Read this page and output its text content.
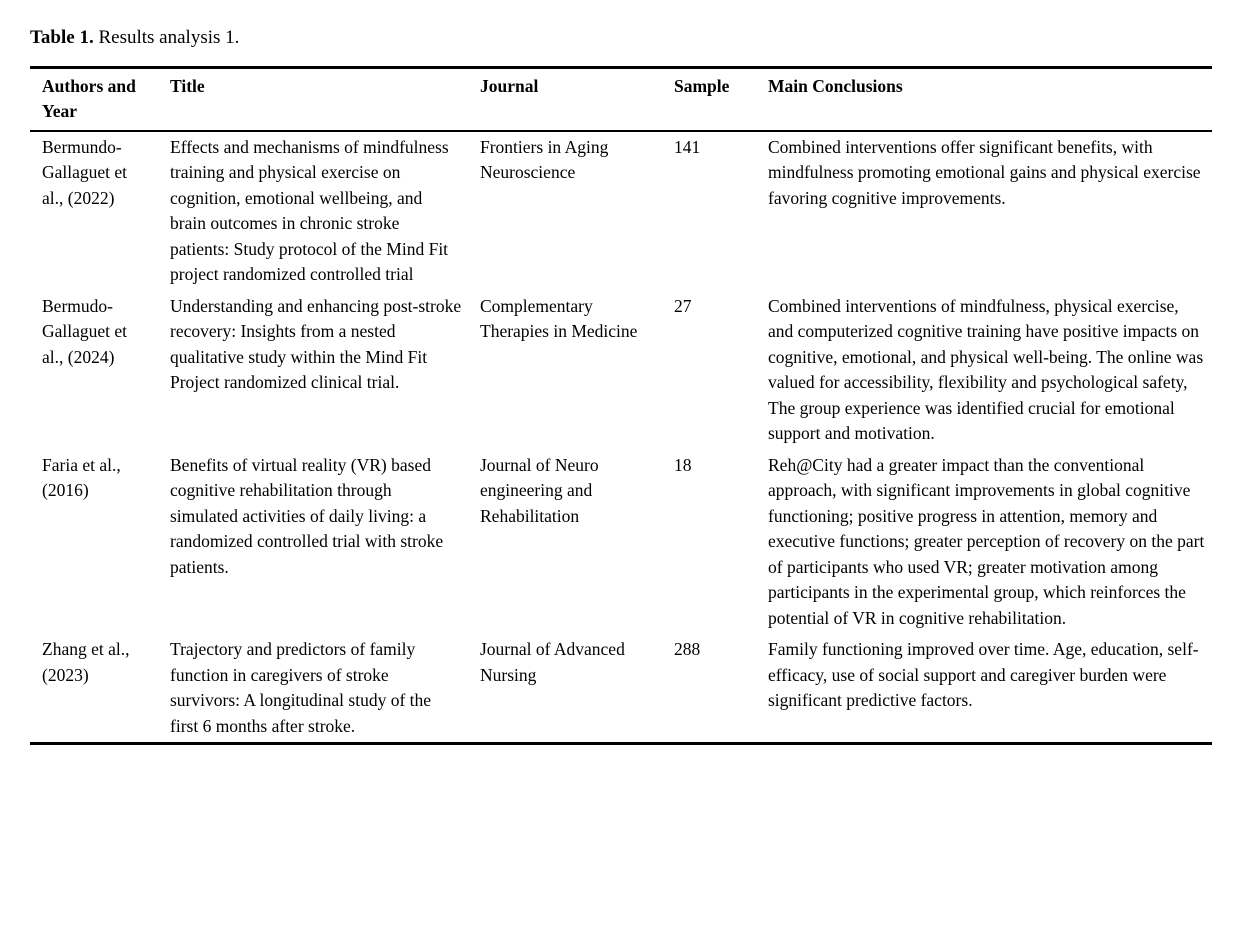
Table 1. Results analysis 1.

Authors and Year	Title	Journal	Sample	Main Conclusions
Bermundo-Gallaguet et al., (2022)	Effects and mechanisms of mindfulness training and physical exercise on cognition, emotional wellbeing, and brain outcomes in chronic stroke patients: Study protocol of the Mind Fit project randomized controlled trial	Frontiers in Aging Neuroscience	141	Combined interventions offer significant benefits, with mindfulness promoting emotional gains and physical exercise favoring cognitive improvements.
Bermudo-Gallaguet et al., (2024)	Understanding and enhancing post-stroke recovery: Insights from a nested qualitative study within the Mind Fit Project randomized clinical trial.	Complementary Therapies in Medicine	27	Combined interventions of mindfulness, physical exercise, and computerized cognitive training have positive impacts on cognitive, emotional, and physical well-being. The online was valued for accessibility, flexibility and psychological safety, The group experience was identified crucial for emotional support and motivation.
Faria et al., (2016)	Benefits of virtual reality (VR) based cognitive rehabilitation through simulated activities of daily living: a randomized controlled trial with stroke patients.	Journal of Neuro engineering and Rehabilitation	18	Reh@City had a greater impact than the conventional approach, with significant improvements in global cognitive functioning; positive progress in attention, memory and executive functions; greater perception of recovery on the part of participants who used VR; greater motivation among participants in the experimental group, which reinforces the potential of VR in cognitive rehabilitation.
Zhang et al., (2023)	Trajectory and predictors of family function in caregivers of stroke survivors: A longitudinal study of the first 6 months after stroke.	Journal of Advanced Nursing	288	Family functioning improved over time. Age, education, self-efficacy, use of social support and caregiver burden were significant predictive factors.
